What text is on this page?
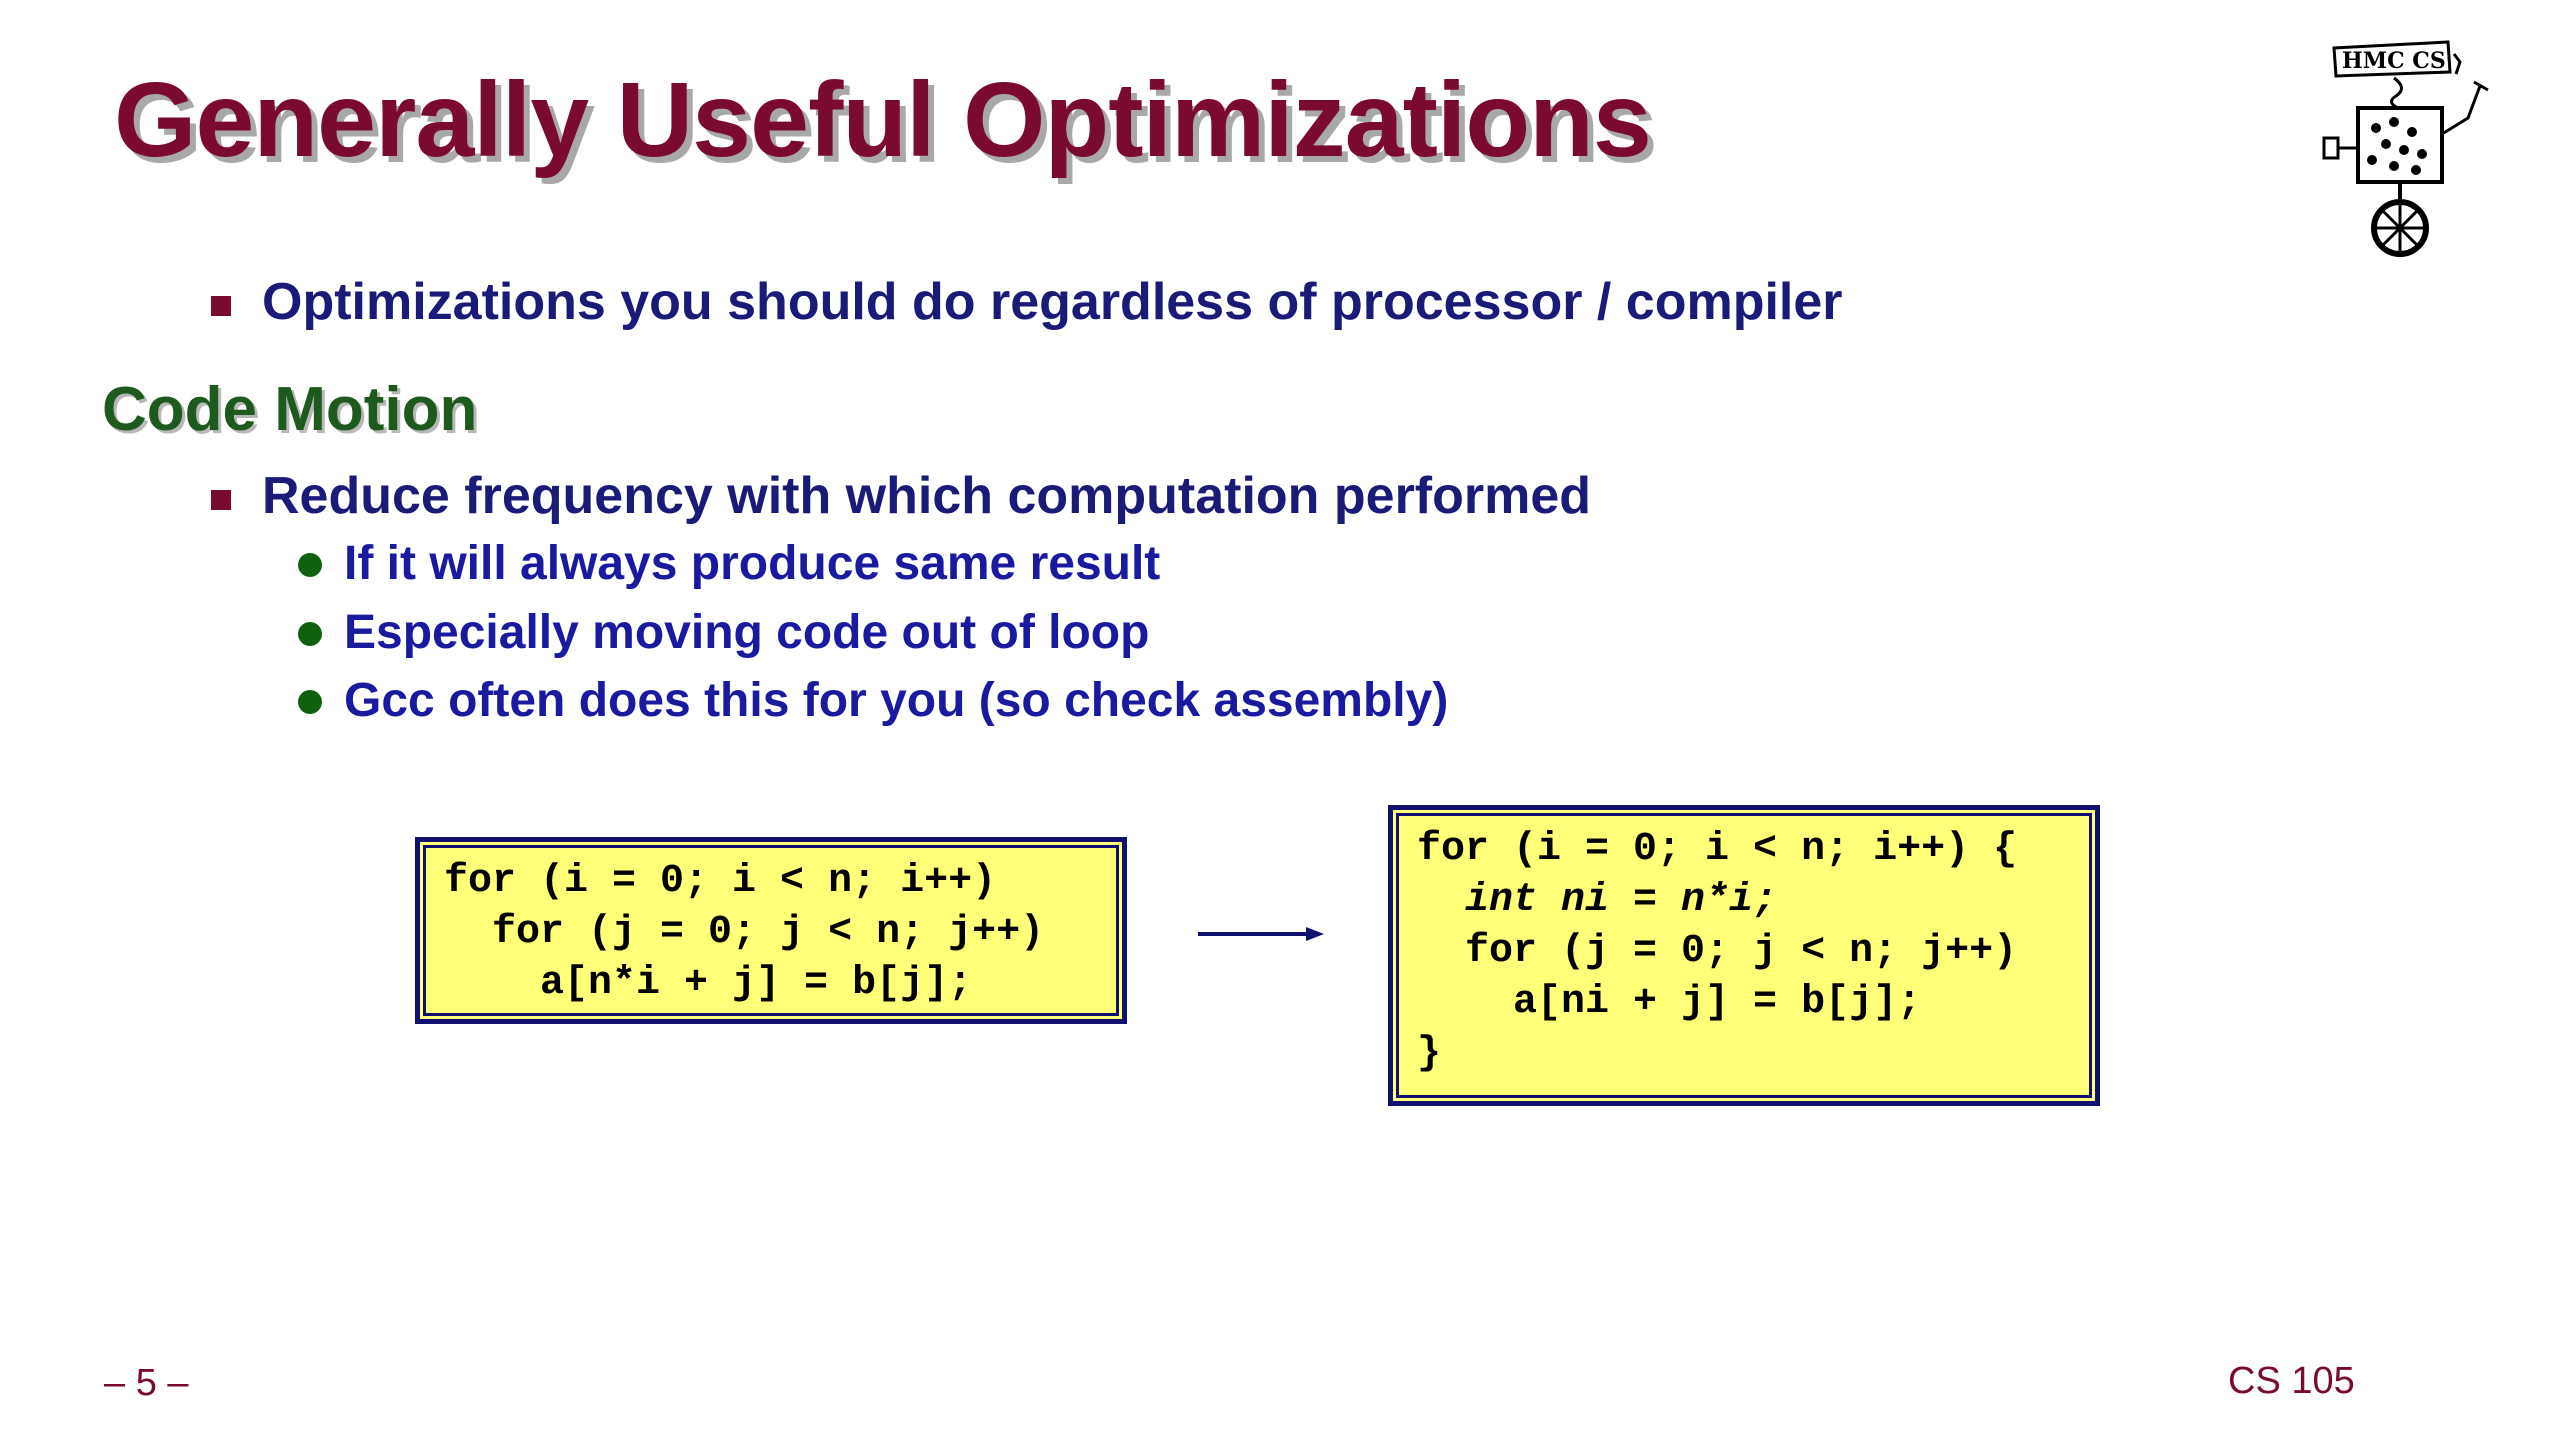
Generally Useful Optimizations	HMC CS
Optimizations you should do regardless of processor / compiler
Code Motion
Reduce frequency with which computation performed
If it will always produce same result
Especially moving code out of loop
Gcc often does this for you (so check assembly)
for (i = 0; i < n; i++)
for (j = 0; j < n; j++)
a[n*i + j] = b[j];
for (i = 0; i < n; i++) {
int ni = n*i;
for (j = 0; j < n; j++)
a[ni + j] = b[j];
}
– 5 –	CS 105
